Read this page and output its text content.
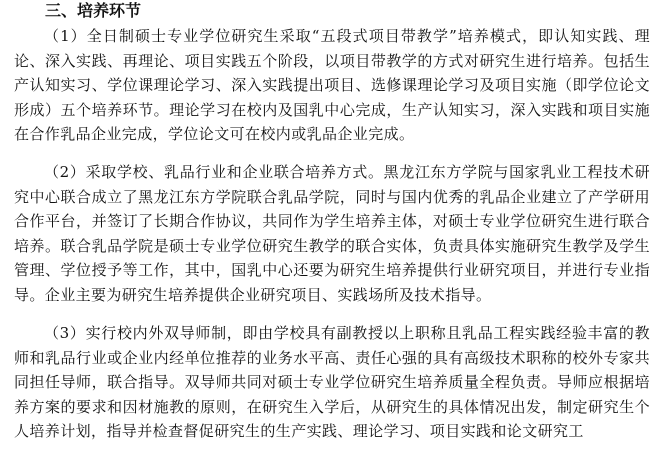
三、培养环节

（1）全日制硕士专业学位研究生采取“五段式项目带教学”培养模式，即认知实践、理论、深入实践、再理论、项目实践五个阶段，以项目带教学的方式对研究生进行培养。包括生产认知实习、学位课理论学习、深入实践提出项目、选修课理论学习及项目实施（即学位论文形成）五个培养环节。理论学习在校内及国乳中心完成，生产认知实习，深入实践和项目实施在合作乳品企业完成，学位论文可在校内或乳品企业完成。

（2）采取学校、乳品行业和企业联合培养方式。黑龙江东方学院与国家乳业工程技术研究中心联合成立了黑龙江东方学院联合乳品学院，同时与国内优秀的乳品企业建立了产学研用合作平台，并签订了长期合作协议，共同作为学生培养主体，对硕士专业学位研究生进行联合培养。联合乳品学院是硕士专业学位研究生教学的联合实体，负责具体实施研究生教学及学生管理、学位授予等工作，其中，国乳中心还要为研究生培养提供行业研究项目，并进行专业指导。企业主要为研究生培养提供企业研究项目、实践场所及技术指导。

（3）实行校内外双导师制，即由学校具有副教授以上职称且乳品工程实践经验丰富的教师和乳品行业或企业内经单位推荐的业务水平高、责任心强的具有高级技术职称的校外专家共同担任导师，联合指导。双导师共同对硕士专业学位研究生培养质量全程负责。导师应根据培养方案的要求和因材施教的原则，在研究生入学后，从研究生的具体情况出发，制定研究生个人培养计划，指导并检查督促研究生的生产实践、理论学习、项目实践和论文研究工
